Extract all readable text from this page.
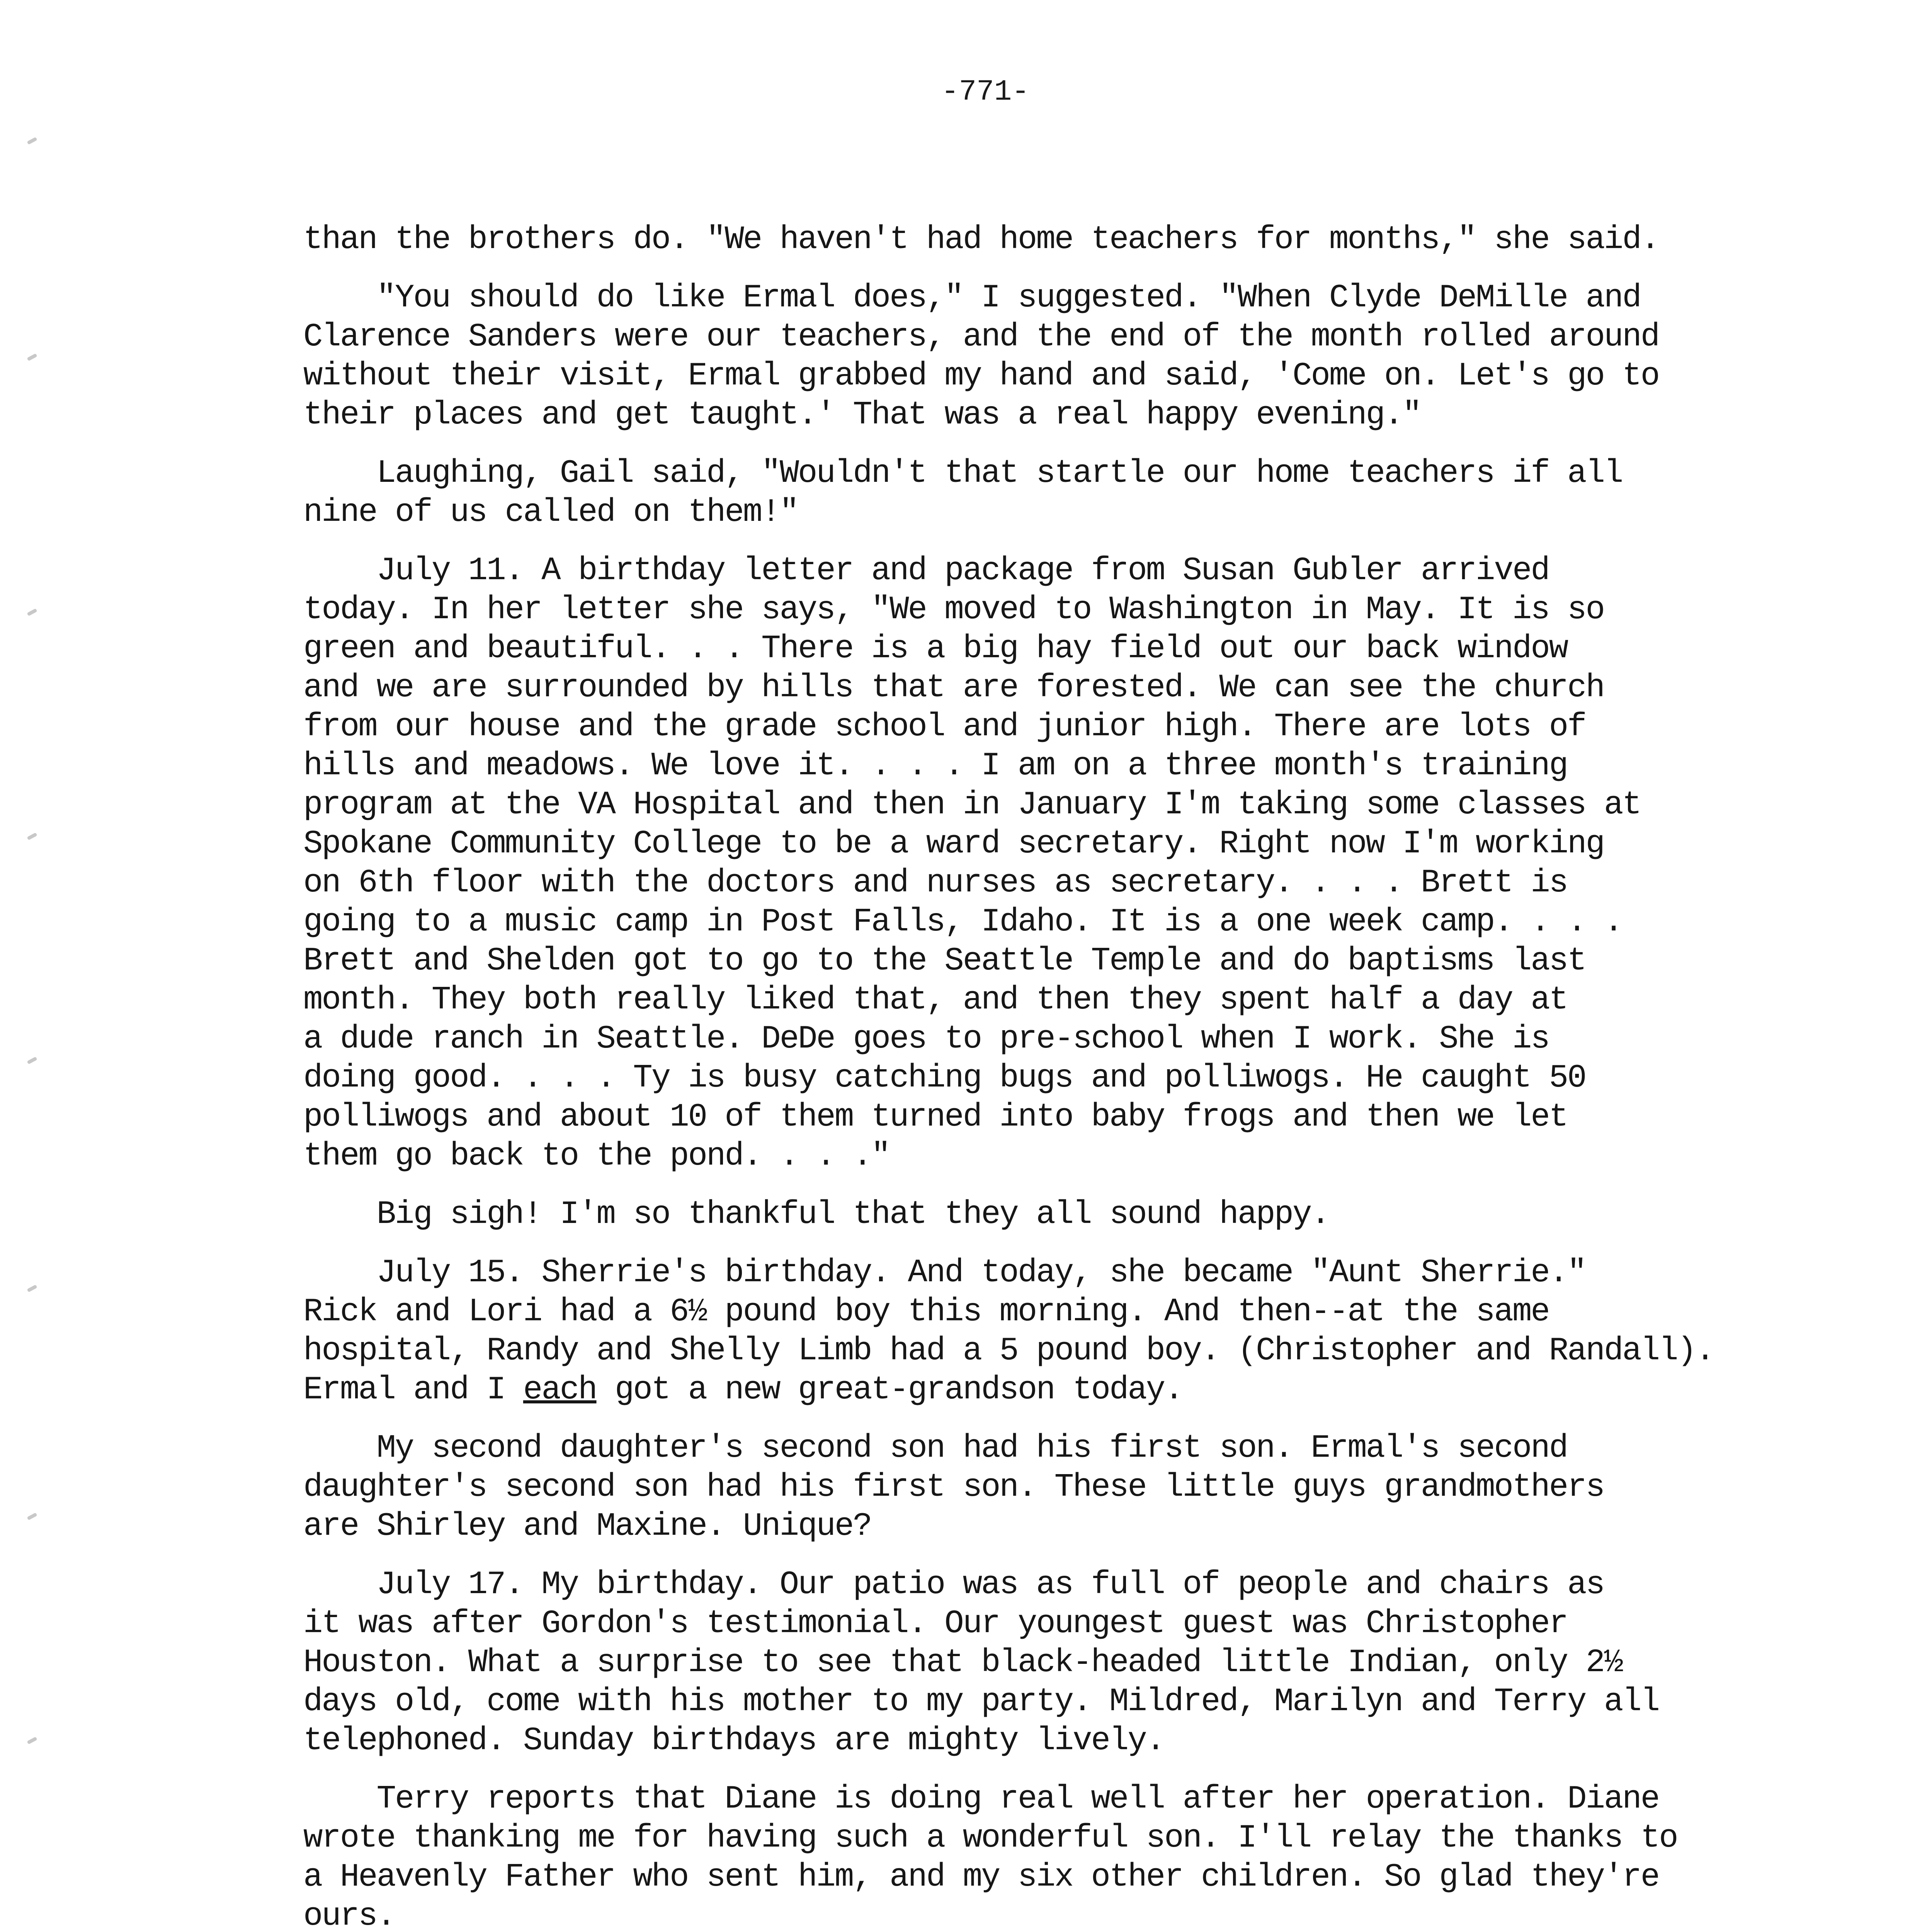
-771-
than the brothers do. "We haven't had home teachers for months," she said.
"You should do like Ermal does," I suggested. "When Clyde DeMille and
Clarence Sanders were our teachers, and the end of the month rolled around
without their visit, Ermal grabbed my hand and said, 'Come on. Let's go to
their places and get taught.' That was a real happy evening."
Laughing, Gail said, "Wouldn't that startle our home teachers if all
nine of us called on them!"
July 11. A birthday letter and package from Susan Gubler arrived
today. In her letter she says, "We moved to Washington in May. It is so
green and beautiful. . . There is a big hay field out our back window
and we are surrounded by hills that are forested. We can see the church
from our house and the grade school and junior high. There are lots of
hills and meadows. We love it. . . . I am on a three month's training
program at the VA Hospital and then in January I'm taking some classes at
Spokane Community College to be a ward secretary. Right now I'm working
on 6th floor with the doctors and nurses as secretary. . . . Brett is
going to a music camp in Post Falls, Idaho. It is a one week camp. . . .
Brett and Shelden got to go to the Seattle Temple and do baptisms last
month. They both really liked that, and then they spent half a day at
a dude ranch in Seattle. DeDe goes to pre-school when I work. She is
doing good. . . . Ty is busy catching bugs and polliwogs. He caught 50
polliwogs and about 10 of them turned into baby frogs and then we let
them go back to the pond. . . ."
Big sigh! I'm so thankful that they all sound happy.
July 15. Sherrie's birthday. And today, she became "Aunt Sherrie."
Rick and Lori had a 6½ pound boy this morning. And then--at the same
hospital, Randy and Shelly Limb had a 5 pound boy. (Christopher and Randall).
Ermal and I each got a new great-grandson today.
My second daughter's second son had his first son. Ermal's second
daughter's second son had his first son. These little guys grandmothers
are Shirley and Maxine. Unique?
July 17. My birthday. Our patio was as full of people and chairs as
it was after Gordon's testimonial. Our youngest guest was Christopher
Houston. What a surprise to see that black-headed little Indian, only 2½
days old, come with his mother to my party. Mildred, Marilyn and Terry all
telephoned. Sunday birthdays are mighty lively.
Terry reports that Diane is doing real well after her operation. Diane
wrote thanking me for having such a wonderful son. I'll relay the thanks to
a Heavenly Father who sent him, and my six other children. So glad they're
ours.
